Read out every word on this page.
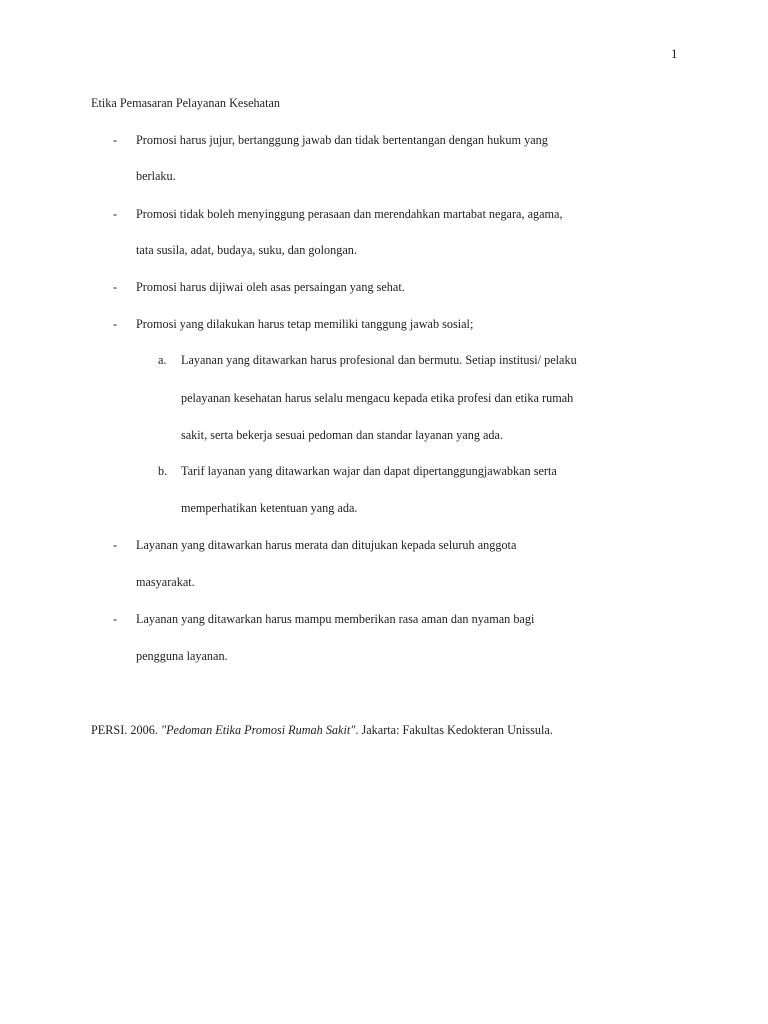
1
Etika Pemasaran Pelayanan Kesehatan
- Promosi harus jujur, bertanggung jawab dan tidak bertentangan dengan hukum yang
berlaku.
- Promosi tidak boleh menyinggung perasaan dan merendahkan martabat negara, agama,
tata susila, adat, budaya, suku, dan golongan.
- Promosi harus dijiwai oleh asas persaingan yang sehat.
- Promosi yang dilakukan harus tetap memiliki tanggung jawab sosial;
a. Layanan yang ditawarkan harus profesional dan bermutu. Setiap institusi/ pelaku
pelayanan kesehatan harus selalu mengacu kepada etika profesi dan etika rumah
sakit, serta bekerja sesuai pedoman dan standar layanan yang ada.
b. Tarif layanan yang ditawarkan wajar dan dapat dipertanggungjawabkan serta
memperhatikan ketentuan yang ada.
- Layanan yang ditawarkan harus merata dan ditujukan kepada seluruh anggota
masyarakat.
- Layanan yang ditawarkan harus mampu memberikan rasa aman dan nyaman bagi
pengguna layanan.
PERSI. 2006. "Pedoman Etika Promosi Rumah Sakit". Jakarta: Fakultas Kedokteran Unissula.
